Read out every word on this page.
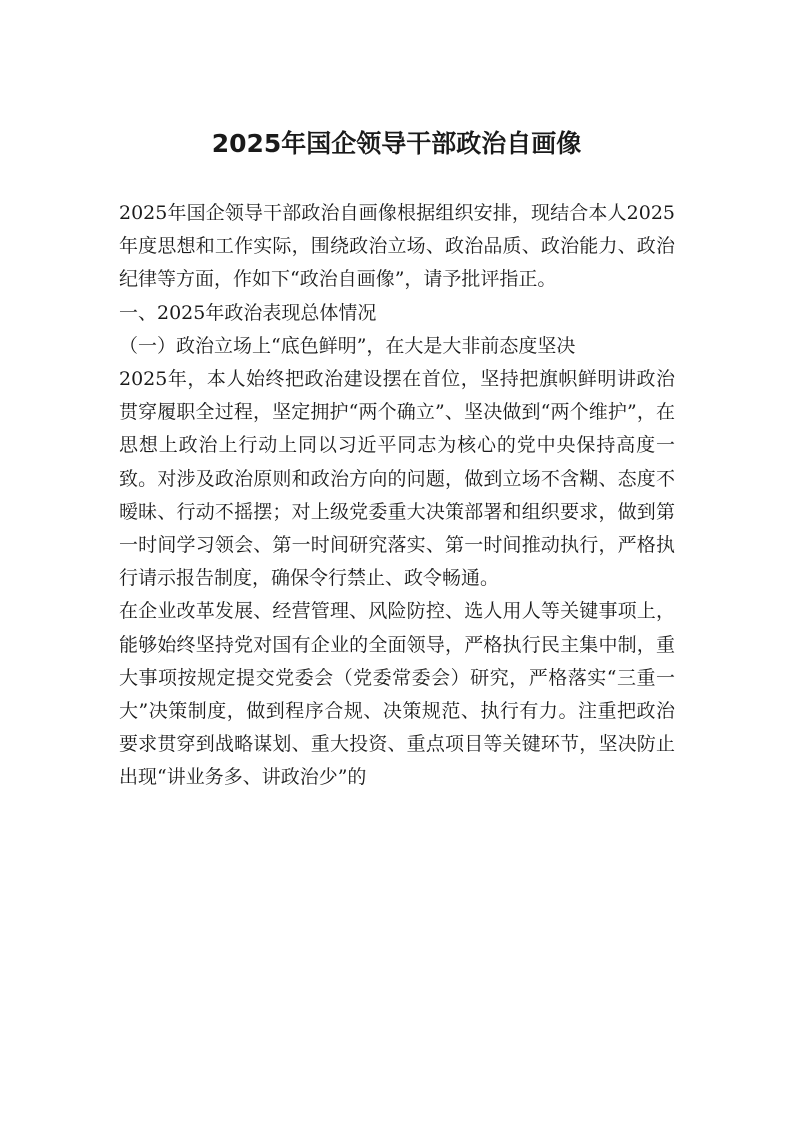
2025年国企领导干部政治自画像

2025年国企领导干部政治自画像根据组织安排，现结合本人2025年度思想和工作实际，围绕政治立场、政治品质、政治能力、政治纪律等方面，作如下“政治自画像”，请予批评指正。

一、2025年政治表现总体情况

（一）政治立场上“底色鲜明”，在大是大非前态度坚决

2025年，本人始终把政治建设摆在首位，坚持把旗帜鲜明讲政治贯穿履职全过程，坚定拥护“两个确立”、坚决做到“两个维护”，在思想上政治上行动上同以习近平同志为核心的党中央保持高度一致。对涉及政治原则和政治方向的问题，做到立场不含糊、态度不暧昧、行动不摇摆；对上级党委重大决策部署和组织要求，做到第一时间学习领会、第一时间研究落实、第一时间推动执行，严格执行请示报告制度，确保令行禁止、政令畅通。

在企业改革发展、经营管理、风险防控、选人用人等关键事项上，能够始终坚持党对国有企业的全面领导，严格执行民主集中制，重大事项按规定提交党委会（党委常委会）研究，严格落实“三重一大”决策制度，做到程序合规、决策规范、执行有力。注重把政治要求贯穿到战略谋划、重大投资、重点项目等关键环节，坚决防止出现“讲业务多、讲政治少”的
